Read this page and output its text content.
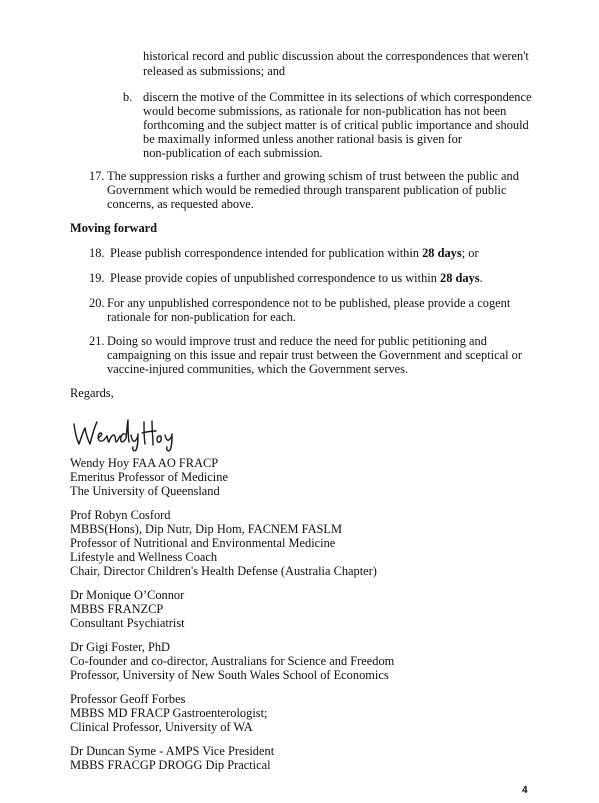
historical record and public discussion about the correspondences that weren't
released as submissions; and
b. discern the motive of the Committee in its selections of which correspondence
would become submissions, as rationale for non-publication has not been
forthcoming and the subject matter is of critical public importance and should
be maximally informed unless another rational basis is given for
non-publication of each submission.
17. The suppression risks a further and growing schism of trust between the public and
Government which would be remedied through transparent publication of public
concerns, as requested above.
Moving forward
18. Please publish correspondence intended for publication within 28 days; or
19. Please provide copies of unpublished correspondence to us within 28 days.
20. For any unpublished correspondence not to be published, please provide a cogent
rationale for non-publication for each.
21. Doing so would improve trust and reduce the need for public petitioning and
campaigning on this issue and repair trust between the Government and sceptical or
vaccine-injured communities, which the Government serves.
Regards,
Wendy Hoy FAA AO FRACP
Emeritus Professor of Medicine
The University of Queensland
Prof Robyn Cosford
MBBS(Hons), Dip Nutr, Dip Hom, FACNEM FASLM
Professor of Nutritional and Environmental Medicine
Lifestyle and Wellness Coach
Chair, Director Children's Health Defense (Australia Chapter)
Dr Monique O’Connor
MBBS FRANZCP
Consultant Psychiatrist
Dr Gigi Foster, PhD
Co-founder and co-director, Australians for Science and Freedom
Professor, University of New South Wales School of Economics
Professor Geoff Forbes
MBBS MD FRACP Gastroenterologist;
Clinical Professor, University of WA
Dr Duncan Syme - AMPS Vice President
MBBS FRACGP DROGG Dip Practical
4
